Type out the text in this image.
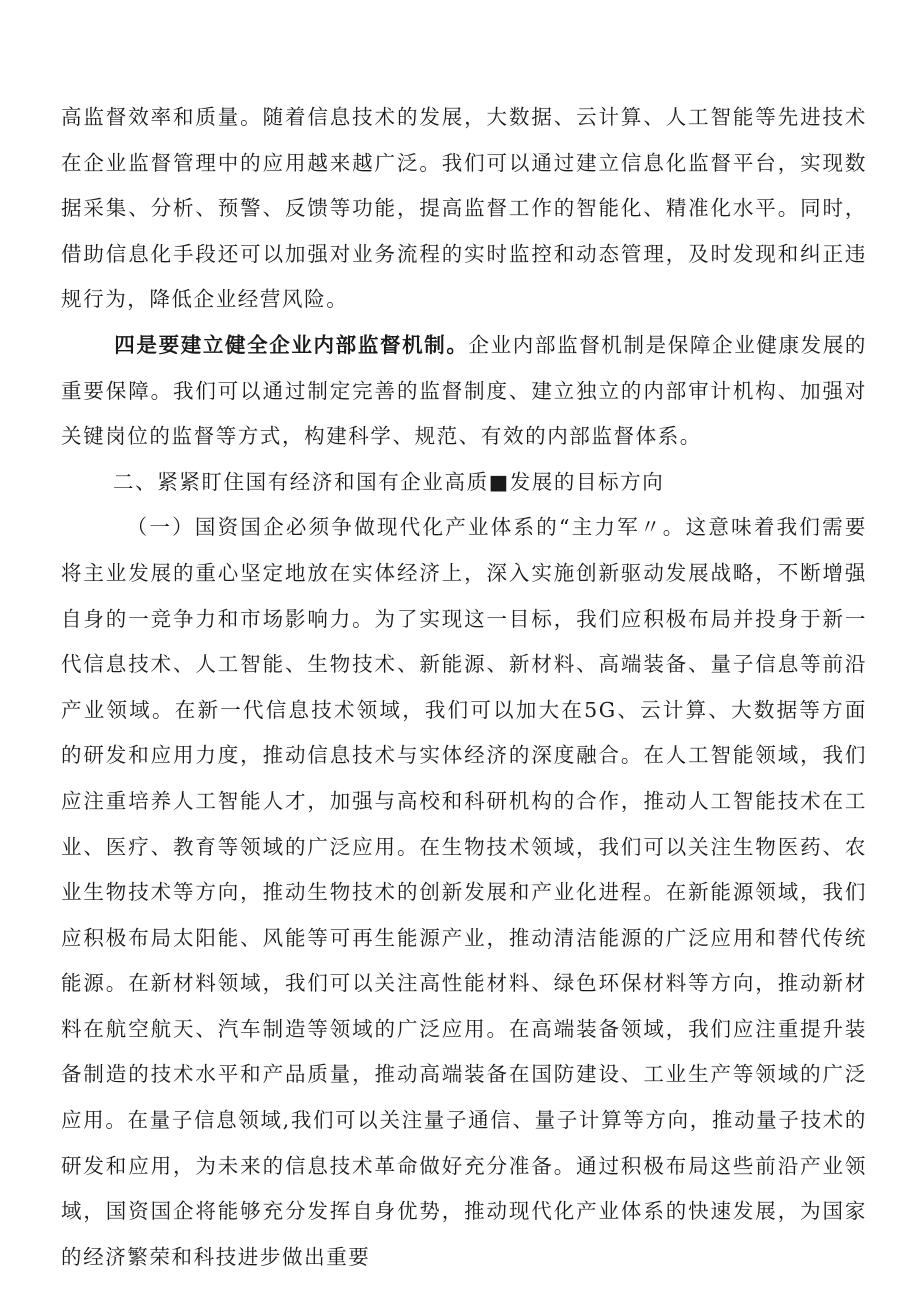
高监督效率和质量。随着信息技术的发展，大数据、云计算、人工智能等先进技术在企业监督管理中的应用越来越广泛。我们可以通过建立信息化监督平台，实现数据采集、分析、预警、反馈等功能，提高监督工作的智能化、精准化水平。同时，借助信息化手段还可以加强对业务流程的实时监控和动态管理，及时发现和纠正违规行为，降低企业经营风险。

四是要建立健全企业内部监督机制。企业内部监督机制是保障企业健康发展的重要保障。我们可以通过制定完善的监督制度、建立独立的内部审计机构、加强对关键岗位的监督等方式，构建科学、规范、有效的内部监督体系。

二、紧紧盯住国有经济和国有企业高质■发展的目标方向

（一）国资国企必须争做现代化产业体系的“主力军〃。这意味着我们需要将主业发展的重心坚定地放在实体经济上，深入实施创新驱动发展战略，不断增强自身的一竞争力和市场影响力。为了实现这一目标，我们应积极布局并投身于新一代信息技术、人工智能、生物技术、新能源、新材料、高端装备、量子信息等前沿产业领域。在新一代信息技术领域，我们可以加大在5G、云计算、大数据等方面的研发和应用力度，推动信息技术与实体经济的深度融合。在人工智能领域，我们应注重培养人工智能人才，加强与高校和科研机构的合作，推动人工智能技术在工业、医疗、教育等领域的广泛应用。在生物技术领域，我们可以关注生物医药、农业生物技术等方向，推动生物技术的创新发展和产业化进程。在新能源领域，我们应积极布局太阳能、风能等可再生能源产业，推动清洁能源的广泛应用和替代传统能源。在新材料领域，我们可以关注高性能材料、绿色环保材料等方向，推动新材料在航空航天、汽车制造等领域的广泛应用。在高端装备领域，我们应注重提升装备制造的技术水平和产品质量，推动高端装备在国防建设、工业生产等领域的广泛应用。在量子信息领域,我们可以关注量子通信、量子计算等方向，推动量子技术的研发和应用，为未来的信息技术革命做好充分准备。通过积极布局这些前沿产业领域，国资国企将能够充分发挥自身优势，推动现代化产业体系的快速发展，为国家的经济繁荣和科技进步做出重要
